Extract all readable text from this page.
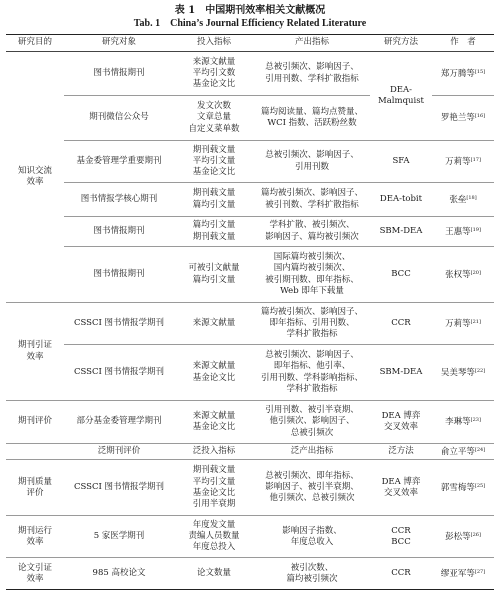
表 1　中国期刊效率相关文献概况
Tab. 1　China’s Journal Efficiency Related Literature
研究目的	研究对象	投入指标	产出指标	研究方法	作　者
知识交流
效率	图书情报期刊	来源文献量
平均引文数
基金论文比	总被引频次、影响因子、
引用刊数、学科扩散指标	DEA-
Malmquist	郑万腾等[15]
	期刊微信公众号	发文次数
文章总量
自定义菜单数	篇均阅读量、篇均点赞量、
WCI 指数、活跃粉丝数		罗艳兰等[16]
	基金委管理学重要期刊	期刊载文量
平均引文量
基金论文比	总被引频次、影响因子、
引用刊数	SFA	万莉等[17]
	图书情报学核心期刊	期刊载文量
篇均引文量	篇均被引频次、影响因子、
被引刊数、学科扩散指标	DEA-tobit	张垒[18]
	图书情报期刊	篇均引文量
期刊载文量	学科扩散、被引频次、
影响因子、篇均被引频次	SBM-DEA	王惠等[19]
	图书情报期刊	可被引文献量
篇均引文量	国际篇均被引频次、
国内篇均被引频次、
被引期刊数、即年指标、
Web 即年下载量	BCC	张权等[20]
期刊引证
效率	CSSCI 图书情报学期刊	来源文献量	篇均被引频次、影响因子、
即年指标、引用刊数、
学科扩散指标	CCR	万莉等[21]
	CSSCI 图书情报学期刊	来源文献量
基金论文比	总被引频次、影响因子、
即年指标、他引率、
引用刊数、学科影响指标、
学科扩散指标	SBM-DEA	吴美琴等[22]
期刊评价	部分基金委管理学期刊	来源文献量
基金论文比	引用刊数、被引半衰期、
他引频次、影响因子、
总被引频次	DEA 博弈
交叉效率	李琳等[23]
	泛期刊评价	泛投入指标	泛产出指标	泛方法	俞立平等[24]
期刊质量
评价	CSSCI 图书情报学期刊	期刊载文量
平均引文量
基金论文比
引用半衰期	总被引频次、即年指标、
影响因子、被引半衰期、
他引频次、总被引频次	DEA 博弈
交叉效率	郭雪梅等[25]
期刊运行
效率	5 家医学期刊	年度发文量
责编人员数量
年度总投入	影响因子指数、
年度总收入	CCR
BCC	彭松等[26]
论文引证
效率	985 高校论文	论文数量	被引次数、
篇均被引频次	CCR	缪亚军等[27]
